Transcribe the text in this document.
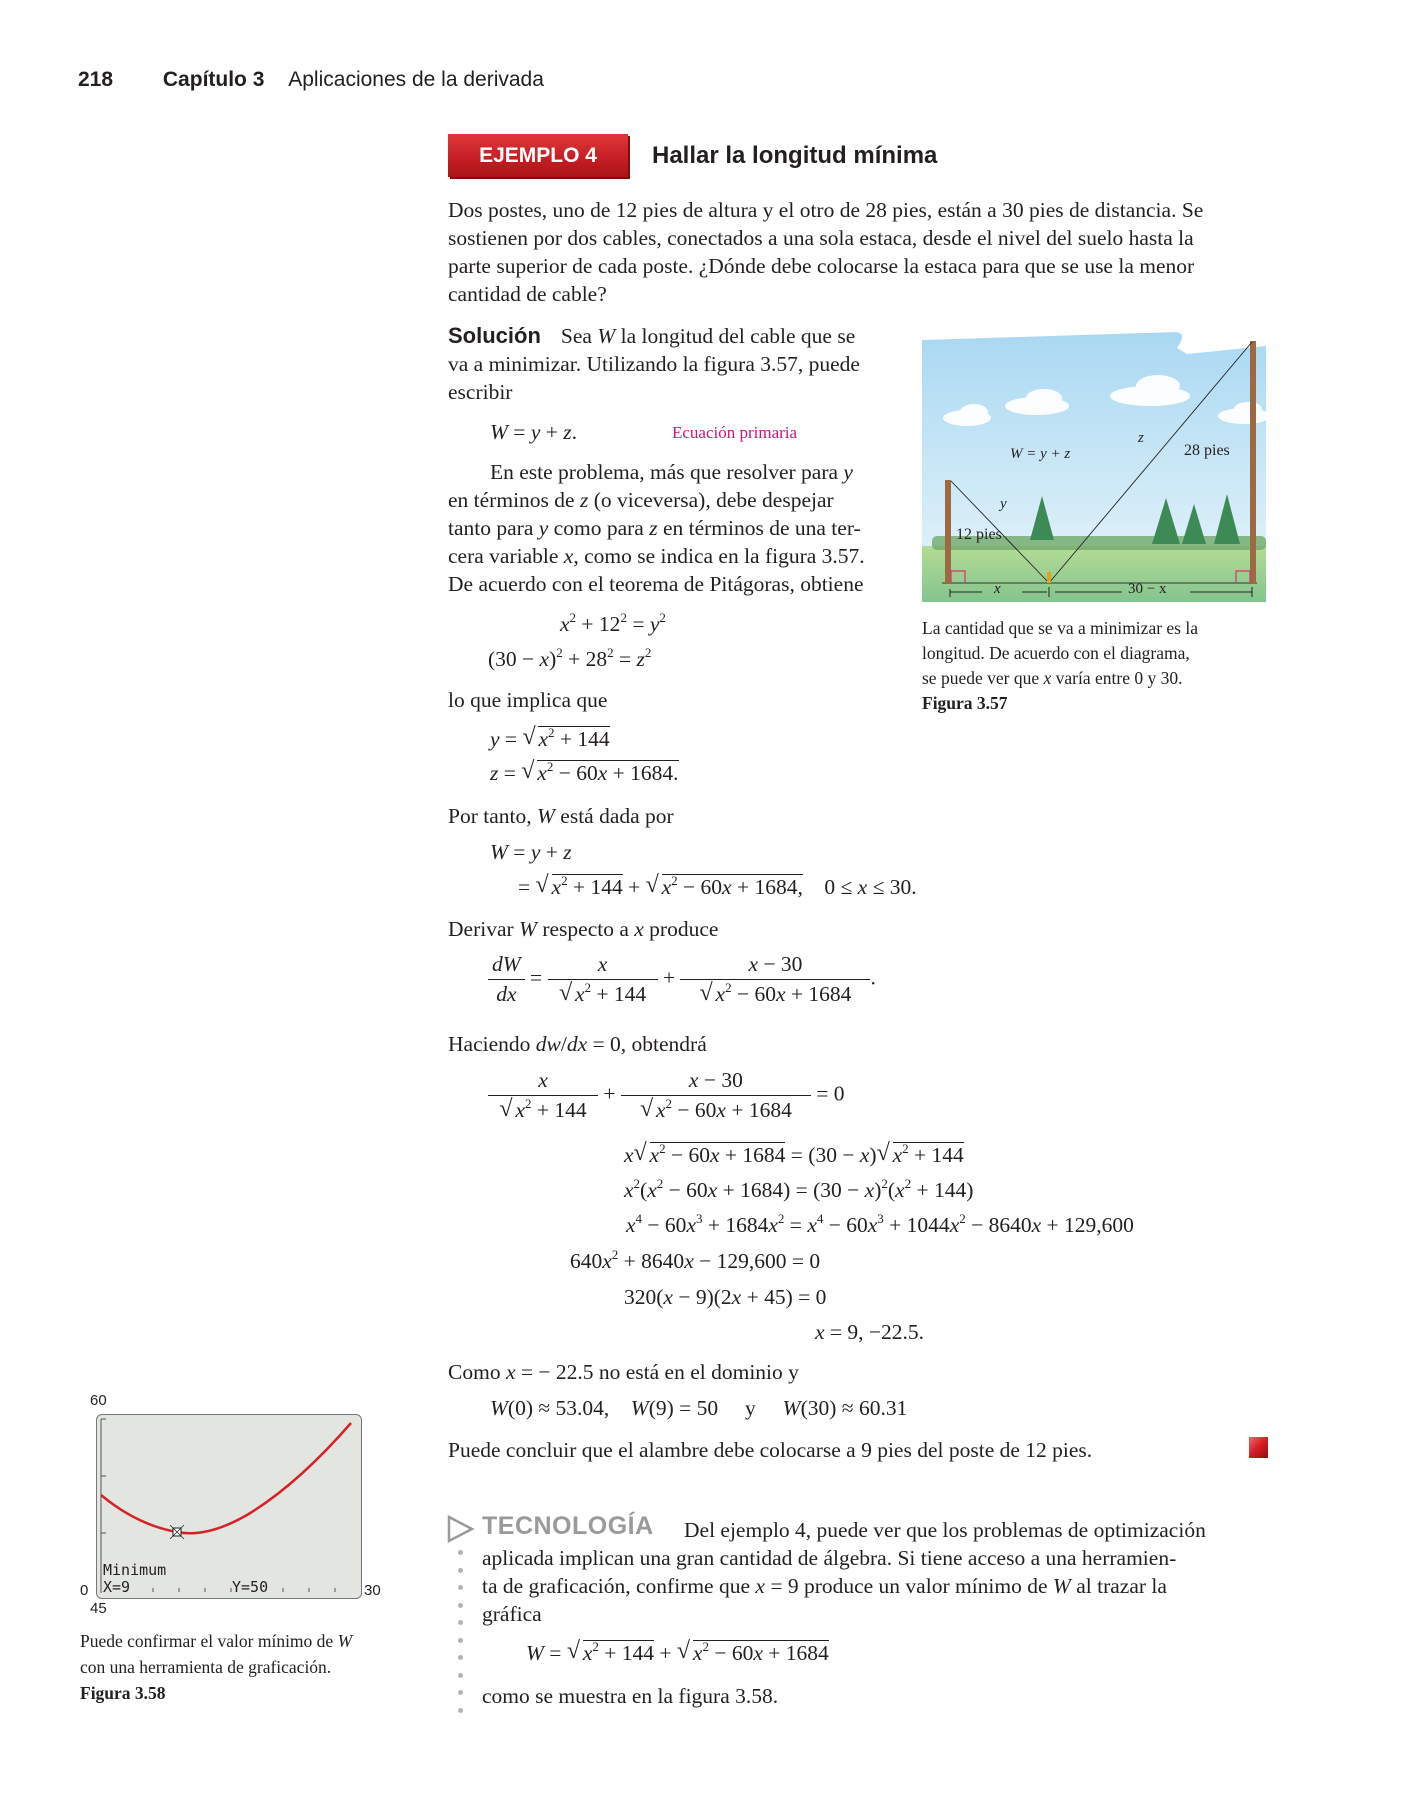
218 Capítulo 3 Aplicaciones de la derivada
EJEMPLO 4	Hallar la longitud mínima
Dos postes, uno de 12 pies de altura y el otro de 28 pies, están a 30 pies de distancia. Se
sostienen por dos cables, conectados a una sola estaca, desde el nivel del suelo hasta la
parte superior de cada poste. ¿Dónde debe colocarse la estaca para que se use la menor
cantidad de cable?
Solución Sea W la longitud del cable que se
va a minimizar. Utilizando la figura 3.57, puede
escribir
W = y + z.	Ecuación primaria
En este problema, más que resolver para y
en términos de z (o viceversa), debe despejar
tanto para y como para z en términos de una ter-
cera variable x, como se indica en la figura 3.57.
De acuerdo con el teorema de Pitágoras, obtiene
$x^2 + 12^2 = y^2$
$(30 - x)^2 + 28^2 = z^2$
lo que implica que
y = √ $x^2 + 144$
z = √ $x^2 - 60x + 1684$.
Por tanto, W está dada por
W = y + z
= √ $x^2 + 144$ + √ $x^2 - 60x + 1684$,    0 ≤ x ≤ 30.
Derivar W respecto a x produce
$\frac{dW}{dx} = x$
√ $x^2 + 144 + x - 30$
√ $x^2 - 60x + 1684$ .
Haciendo dw/dx = 0, obtendrá
x
√ $x^2 + 144 + x - 30$
√ $x^2 - 60x + 1684 = 0$
x √ $x^2 - 60x + 1684 = (30 - x)$ √ $x^2 + 144$
$x^2(x^2 - 60x + 1684) = (30 - x)^2(x^2 + 144)$
$x^4 - 60x^3 + 1684x^2 = x^4 - 60x^3 + 1044x^2 - 8640x + 129,600$
$640x^2 + 8640x - 129,600 = 0$
320(x − 9)(2x + 45) = 0
x = 9, −22.5.
Como x = − 22.5 no está en el dominio y
W(0) ≈ 53.04,    W(9) = 50     y     W(30) ≈ 60.31
Puede concluir que el alambre debe colocarse a 9 pies del poste de 12 pies.
W = y + z
z
28 pies
y
12 pies
x	30 − x
La cantidad que se va a minimizar es la
longitud. De acuerdo con el diagrama,
se puede ver que x varía entre 0 y 30.
Figura 3.57
60
Minimum
X=9	Y=50
0	30
45
Puede confirmar el valor mínimo de W
con una herramienta de graficación.
Figura 3.58
TECNOLOGÍA Del ejemplo 4, puede ver que los problemas de optimización
aplicada implican una gran cantidad de álgebra. Si tiene acceso a una herramien-
ta de graficación, confirme que x = 9 produce un valor mínimo de W al trazar la
gráfica
W = √ $x^2 + 144$ + √ $x^2 - 60x + 1684$
como se muestra en la figura 3.58.
